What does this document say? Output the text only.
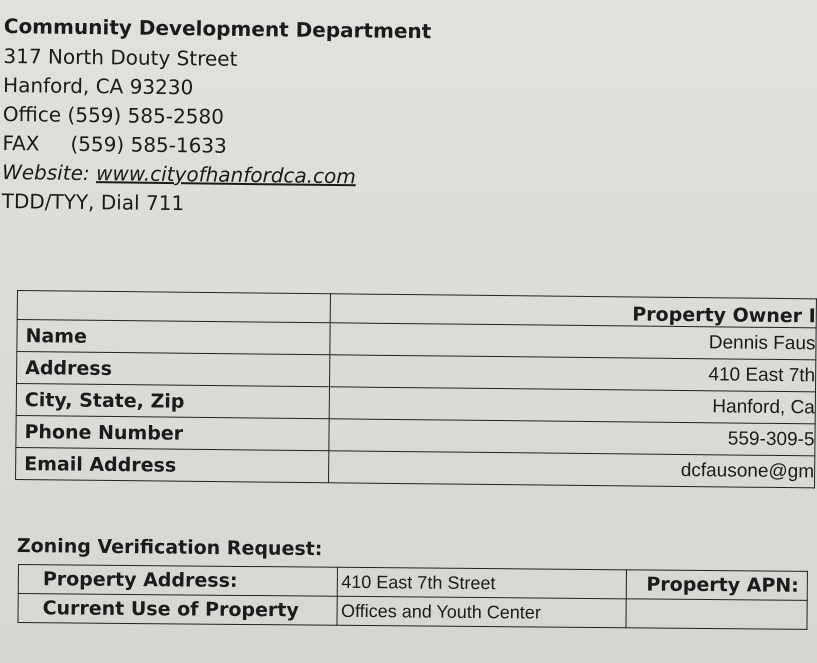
Community Development Department
317 North Douty Street
Hanford, CA 93230
Office (559) 585-2580
FAX (559) 585-1633
Website: www.cityofhanfordca.com
TDD/TYY, Dial 711
	Property Owner I
Name	Dennis Faus
Address	410 East 7th
City, State, Zip	Hanford, Ca
Phone Number	559-309-5
Email Address	dcfausone@gm
Zoning Verification Request:
Property Address:	410 East 7th Street	Property APN:
Current Use of Property	Offices and Youth Center	
